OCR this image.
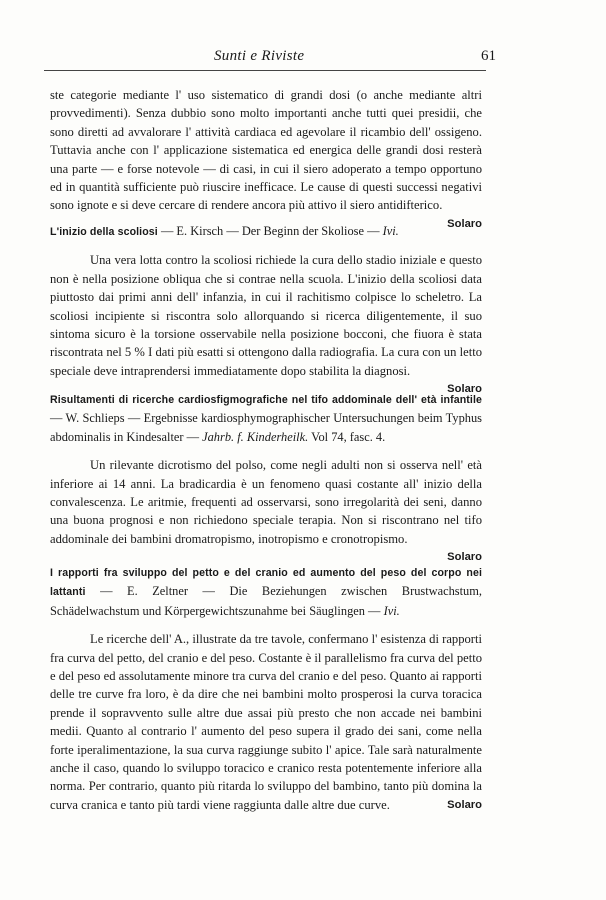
Sunti e Riviste	61

ste categorie mediante l' uso sistematico di grandi dosi (o anche mediante altri provvedimenti). Senza dubbio sono molto importanti anche tutti quei presidii, che sono diretti ad avvalorare l' attività cardiaca ed agevolare il ricambio dell' ossigeno. Tuttavia anche con l' applicazione sistematica ed energica delle grandi dosi resterà una parte — e forse notevole — di casi, in cui il siero adoperato a tempo opportuno ed in quantità sufficiente può riuscire inefficace. Le cause di questi successi negativi sono ignote e si deve cercare di rendere ancora più attivo il siero antidifterico.
Solaro

L'inizio della scoliosi — E. Kirsch — Der Beginn der Skoliose — Ivi.

Una vera lotta contro la scoliosi richiede la cura dello stadio iniziale e questo non è nella posizione obliqua che si contrae nella scuola. L'inizio della scoliosi data piuttosto dai primi anni dell' infanzia, in cui il rachitismo colpisce lo scheletro. La scoliosi incipiente si riscontra solo allorquando si ricerca diligentemente, il suo sintoma sicuro è la torsione osservabile nella posizione bocconi, che fiuora è stata riscontrata nel 5 % I dati più esatti si ottengono dalla radiografia. La cura con un letto speciale deve intraprendersi immediatamente dopo stabilita la diagnosi.
Solaro

Risultamenti di ricerche cardiosfigmografiche nel tifo addominale dell' età infantile — W. Schlieps — Ergebnisse kardiosphymographischer Untersuchungen beim Typhus abdominalis in Kindesalter — Jahrb. f. Kinderheilk. Vol 74, fasc. 4.

Un rilevante dicrotismo del polso, come negli adulti non si osserva nell' età inferiore ai 14 anni. La bradicardia è un fenomeno quasi costante all' inizio della convalescenza. Le aritmie, frequenti ad osservarsi, sono irregolarità dei seni, danno una buona prognosi e non richiedono speciale terapia. Non si riscontrano nel tifo addominale dei bambini dromatropismo, inotropismo e cronotropismo.
Solaro

I rapporti fra sviluppo del petto e del cranio ed aumento del peso del corpo nei lattanti — E. Zeltner — Die Beziehungen zwischen Brustwachstum, Schädelwachstum und Körpergewichtszunahme bei Säuglingen — Ivi.

Le ricerche dell' A., illustrate da tre tavole, confermano l' esistenza di rapporti fra curva del petto, del cranio e del peso. Costante è il parallelismo fra curva del petto e del peso ed assolutamente minore tra curva del cranio e del peso. Quanto ai rapporti delle tre curve fra loro, è da dire che nei bambini molto prosperosi la curva toracica prende il sopravvento sulle altre due assai più presto che non accade nei bambini medii. Quanto al contrario l' aumento del peso supera il grado dei sani, come nella forte iperalimentazione, la sua curva raggiunge subito l' apice. Tale sarà naturalmente anche il caso, quando lo sviluppo toracico e cranico resta potentemente inferiore alla norma. Per contrario, quanto più ritarda lo sviluppo del bambino, tanto più domina la curva cranica e tanto più tardi viene raggiunta dalle altre due curve.	Solaro
